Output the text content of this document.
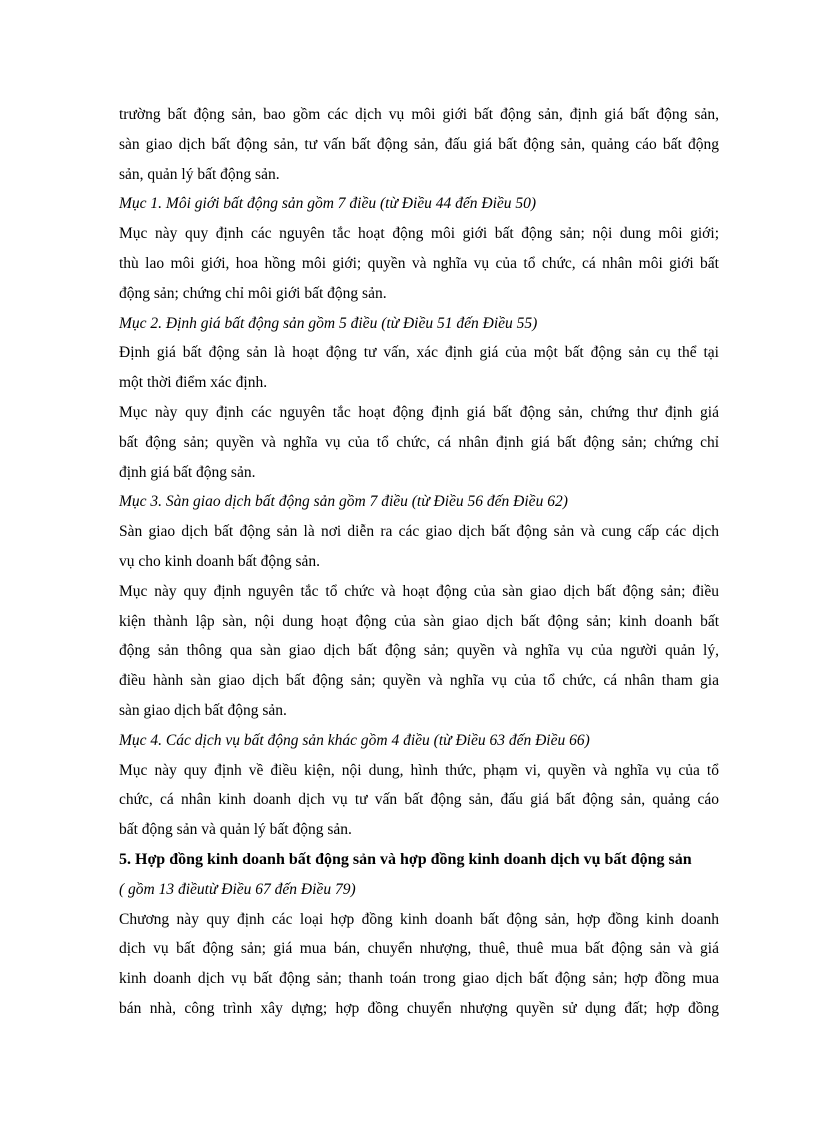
trường bất động sản, bao gồm các dịch vụ môi giới bất động sản, định giá bất động sản,
sàn giao dịch bất động sản, tư vấn bất động sản, đấu giá bất động sản, quảng cáo bất động
sản, quản lý bất động sản.
Mục 1. Môi giới bất động sản gồm 7 điều (từ Điều 44 đến Điều 50)
Mục này quy định các nguyên tắc hoạt động môi giới bất động sản; nội dung môi giới;
thù lao môi giới, hoa hồng môi giới; quyền và nghĩa vụ của tổ chức, cá nhân môi giới bất
động sản; chứng chỉ môi giới bất động sản.
Mục 2. Định giá bất động sản gồm 5 điều (từ Điều 51 đến Điều 55)
Định giá bất động sản là hoạt động tư vấn, xác định giá của một bất động sản cụ thể tại
một thời điểm xác định.
Mục này quy định các nguyên tắc hoạt động định giá bất động sản, chứng thư định giá
bất động sản; quyền và nghĩa vụ của tổ chức, cá nhân định giá bất động sản; chứng chỉ
định giá bất động sản.
Mục 3. Sàn giao dịch bất động sản gồm 7 điều (từ Điều 56 đến Điều 62)
Sàn giao dịch bất động sản là nơi diễn ra các giao dịch bất động sản và cung cấp các dịch
vụ cho kinh doanh bất động sản.
Mục này quy định nguyên tắc tổ chức và hoạt động của sàn giao dịch bất động sản; điều
kiện thành lập sàn, nội dung hoạt động của sàn giao dịch bất động sản; kinh doanh bất
động sản thông qua sàn giao dịch bất động sản; quyền và nghĩa vụ của người quản lý,
điều hành sàn giao dịch bất động sản; quyền và nghĩa vụ của tổ chức, cá nhân tham gia
sàn giao dịch bất động sản.
Mục 4. Các dịch vụ bất động sản khác gồm 4 điều (từ Điều 63 đến Điều 66)
Mục này quy định về điều kiện, nội dung, hình thức, phạm vi, quyền và nghĩa vụ của tổ
chức, cá nhân kinh doanh dịch vụ tư vấn bất động sản, đấu giá bất động sản, quảng cáo
bất động sản và quản lý bất động sản.
5. Hợp đồng kinh doanh bất động sản và hợp đồng kinh doanh dịch vụ bất động sản
( gồm 13 điềutừ Điều 67 đến Điều 79)
Chương này quy định các loại hợp đồng kinh doanh bất động sản, hợp đồng kinh doanh
dịch vụ bất động sản; giá mua bán, chuyển nhượng, thuê, thuê mua bất động sản và giá
kinh doanh dịch vụ bất động sản; thanh toán trong giao dịch bất động sản; hợp đồng mua
bán nhà, công trình xây dựng; hợp đồng chuyển nhượng quyền sử dụng đất; hợp đồng
